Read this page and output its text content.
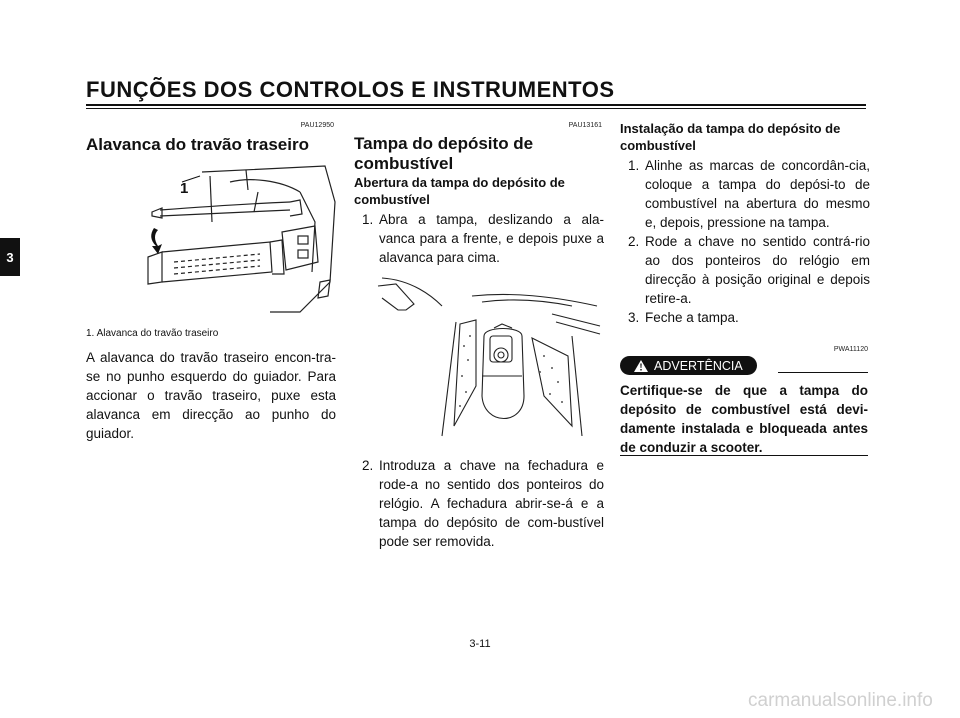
FUNÇÕES DOS CONTROLOS E INSTRUMENTOS
3
PAU12950
Alavanca do travão traseiro
1
1. Alavanca do travão traseiro
A alavanca do travão traseiro encon-tra-se no punho esquerdo do guiador. Para accionar o travão traseiro, puxe esta alavanca em direcção ao punho do guiador.
PAU13161
Tampa do depósito de combustível
Abertura da tampa do depósito de combustível
1. Abra a tampa, deslizando a ala-vanca para a frente, e depois puxe a alavanca para cima.
2. Introduza a chave na fechadura e rode-a no sentido dos ponteiros do relógio. A fechadura abrir-se-á e a tampa do depósito de com-bustível pode ser removida.
Instalação da tampa do depósito de combustível
1. Alinhe as marcas de concordân-cia, coloque a tampa do depósi-to de combustível na abertura do mesmo e, depois, pressione na tampa.
2. Rode a chave no sentido contrá-rio ao dos ponteiros do relógio em direcção à posição original e depois retire-a.
3. Feche a tampa.
PWA11120
ADVERTÊNCIA
Certifique-se de que a tampa do depósito de combustível está devi-damente instalada e bloqueada antes de conduzir a scooter.
3-11
carmanualsonline.info
